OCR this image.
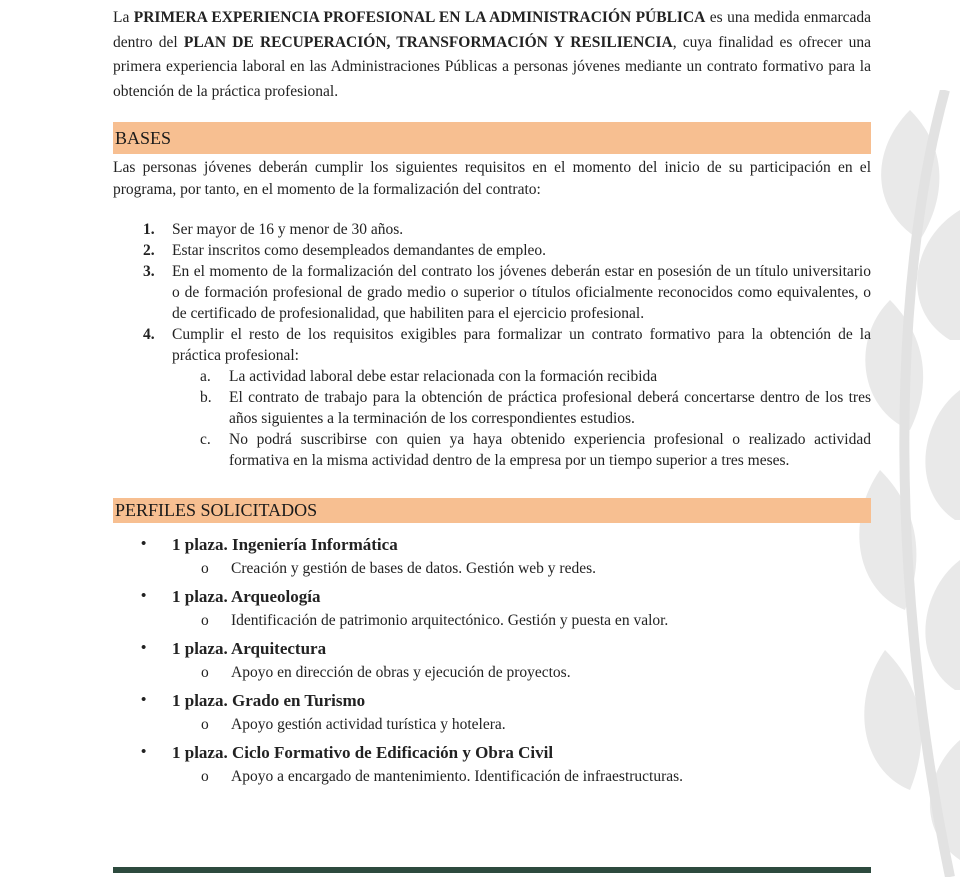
La PRIMERA EXPERIENCIA PROFESIONAL EN LA ADMINISTRACIÓN PÚBLICA es una medida enmarcada dentro del PLAN DE RECUPERACIÓN, TRANSFORMACIÓN Y RESILIENCIA, cuya finalidad es ofrecer una primera experiencia laboral en las Administraciones Públicas a personas jóvenes mediante un contrato formativo para la obtención de la práctica profesional.

BASES

Las personas jóvenes deberán cumplir los siguientes requisitos en el momento del inicio de su participación en el programa, por tanto, en el momento de la formalización del contrato:

1. Ser mayor de 16 y menor de 30 años.
2. Estar inscritos como desempleados demandantes de empleo.
3. En el momento de la formalización del contrato los jóvenes deberán estar en posesión de un título universitario o de formación profesional de grado medio o superior o títulos oficialmente reconocidos como equivalentes, o de certificado de profesionalidad, que habiliten para el ejercicio profesional.
4. Cumplir el resto de los requisitos exigibles para formalizar un contrato formativo para la obtención de la práctica profesional:
a. La actividad laboral debe estar relacionada con la formación recibida
b. El contrato de trabajo para la obtención de práctica profesional deberá concertarse dentro de los tres años siguientes a la terminación de los correspondientes estudios.
c. No podrá suscribirse con quien ya haya obtenido experiencia profesional o realizado actividad formativa en la misma actividad dentro de la empresa por un tiempo superior a tres meses.
PERFILES SOLICITADOS
• 1 plaza. Ingeniería Informática

o Creación y gestión de bases de datos. Gestión web y redes.

• 1 plaza. Arqueología

o Identificación de patrimonio arquitectónico. Gestión y puesta en valor.

• 1 plaza. Arquitectura

o Apoyo en dirección de obras y ejecución de proyectos.

• 1 plaza. Grado en Turismo

o Apoyo gestión actividad turística y hotelera.

• 1 plaza. Ciclo Formativo de Edificación y Obra Civil

o Apoyo a encargado de mantenimiento. Identificación de infraestructuras.
